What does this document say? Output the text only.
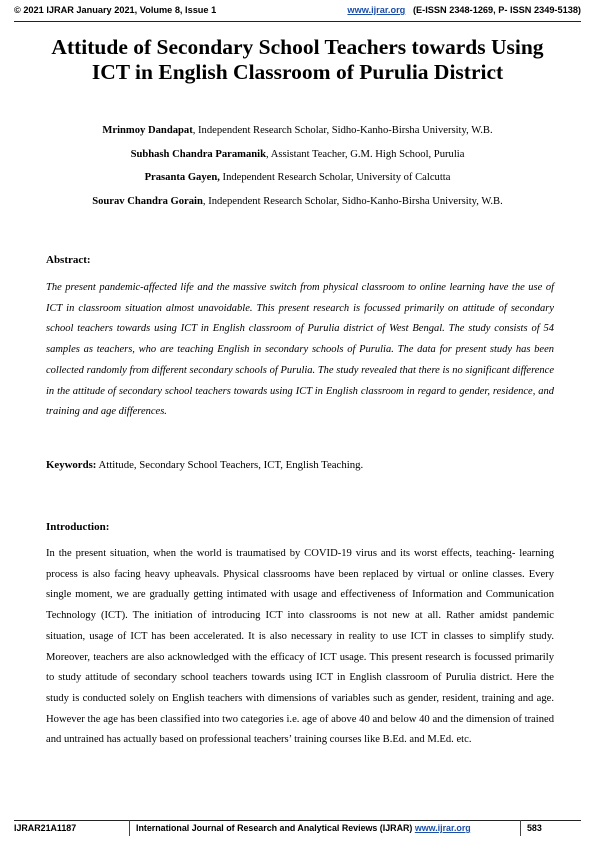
© 2021 IJRAR January 2021, Volume 8, Issue 1	www.ijrar.org (E-ISSN 2348-1269, P- ISSN 2349-5138)
Attitude of Secondary School Teachers towards Using ICT in English Classroom of Purulia District
Mrinmoy Dandapat, Independent Research Scholar, Sidho-Kanho-Birsha University, W.B.
Subhash Chandra Paramanik, Assistant Teacher, G.M. High School, Purulia
Prasanta Gayen, Independent Research Scholar, University of Calcutta
Sourav Chandra Gorain, Independent Research Scholar, Sidho-Kanho-Birsha University, W.B.
Abstract:

The present pandemic-affected life and the massive switch from physical classroom to online learning have the use of ICT in classroom situation almost unavoidable. This present research is focussed primarily on attitude of secondary school teachers towards using ICT in English classroom of Purulia district of West Bengal. The study consists of 54 samples as teachers, who are teaching English in secondary schools of Purulia. The data for present study has been collected randomly from different secondary schools of Purulia. The study revealed that there is no significant difference in the attitude of secondary school teachers towards using ICT in English classroom in regard to gender, residence, and training and age differences.

Keywords: Attitude, Secondary School Teachers, ICT, English Teaching.
Introduction:

In the present situation, when the world is traumatised by COVID-19 virus and its worst effects, teaching- learning process is also facing heavy upheavals. Physical classrooms have been replaced by virtual or online classes. Every single moment, we are gradually getting intimated with usage and effectiveness of Information and Communication Technology (ICT). The initiation of introducing ICT into classrooms is not new at all. Rather amidst pandemic situation, usage of ICT has been accelerated. It is also necessary in reality to use ICT in classes to simplify study. Moreover, teachers are also acknowledged with the efficacy of ICT usage. This present research is focussed primarily to study attitude of secondary school teachers towards using ICT in English classroom of Purulia district. Here the study is conducted solely on English teachers with dimensions of variables such as gender, resident, training and age. However the age has been classified into two categories i.e. age of above 40 and below 40 and the dimension of trained and untrained has actually based on professional teachers’ training courses like B.Ed. and M.Ed. etc.

IJRAR21A1187	International Journal of Research and Analytical Reviews (IJRAR) www.ijrar.org	583
